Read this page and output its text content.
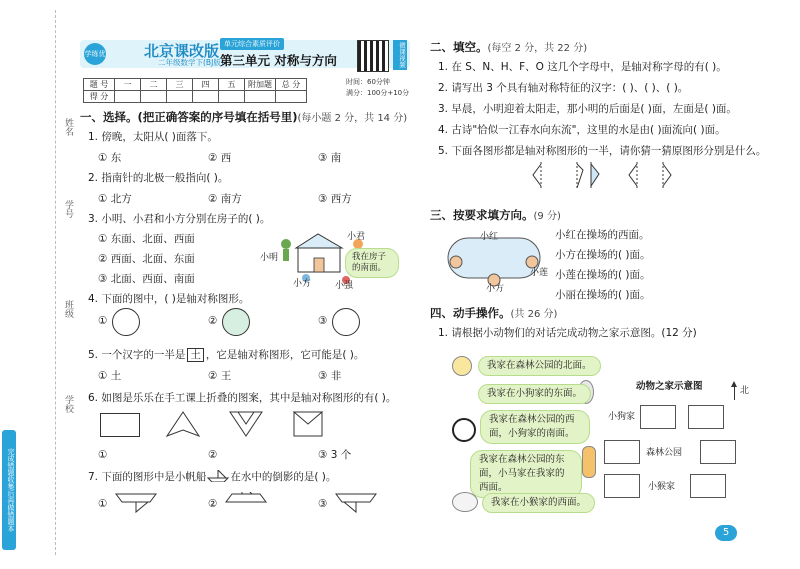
姓名
学号
班级
学校
完成错题收集后再做错题本
学练优	北京课改版
二年级数学下(BJ版)
单元综合素质评价
第三单元 对称与方向	微课视频
题 号	一	二	三	四	五	附加题	总 分
得 分							
时间：60分钟
满分：100分+10分
一、选择。(把正确答案的序号填在括号里)(每小题 2 分，共 14 分)
1. 傍晚，太阳从( )面落下。
① 东	② 西	③ 南
2. 指南针的北极一般指向( )。
① 北方	② 南方	③ 西方
3. 小明、小君和小方分别在房子的( )。
① 东面、北面、西面
② 西面、北面、东面
③ 北面、西面、南面
小明
小君
小方	小强
我在房子的南面。
4. 下面的图中，( )是轴对称图形。
①	②	③
5. 一个汉字的一半是 土 ，它是轴对称图形，它可能是( )。
① 土	② 王	③ 非
6. 如图是乐乐在手工课上折叠的图案，其中是轴对称图形的有( )。
①	②	③ 3 个
7. 下面的图形中是小帆船 在水中的倒影的是( )。
①	②	③
二、填空。(每空 2 分，共 22 分)
1. 在 S、N、H、F、O 这几个字母中，是轴对称字母的有( )。
2. 请写出 3 个具有轴对称特征的汉字：( )、( )、( )。
3. 早晨，小明迎着太阳走，那小明的后面是( )面，左面是( )面。
4. 古诗"恰似一江春水向东流"，这里的水是由( )面流向( )面。
5. 下面各图形都是轴对称图形的一半，请你猜一猜原图形分别是什么。
三、按要求填方向。(9 分)
小红
小方
小莲
小红在操场的西面。
小方在操场的( )面。
小莲在操场的( )面。
小丽在操场的( )面。
四、动手操作。(共 26 分)
1. 请根据小动物们的对话完成动物之家示意图。(12 分)
我家在森林公园的北面。
我家在小狗家的东面。
我家在森林公园的西面，小狗家的南面。
我家在森林公园的东面，小马家在我家的西面。
我家在小猴家的西面。
动物之家示意图	北
小狗家
森林公园
小猴家
5
